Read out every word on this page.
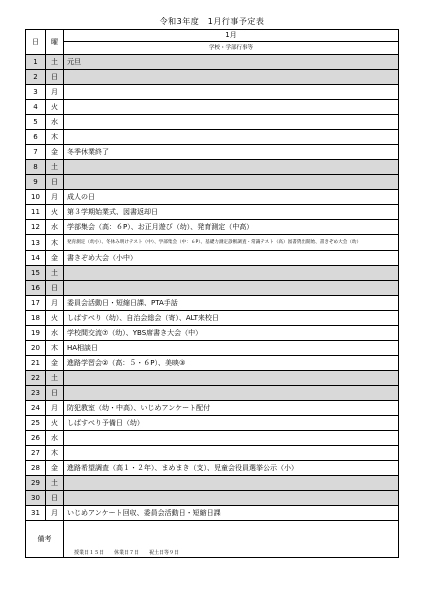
令和3年度　1月行事予定表
日	曜	1月
学校・学部行事等

1	土	元旦
2	日	
3	月	
4	火	
5	水	
6	木	
7	金	冬季休業終了
8	土	
9	日	
10	月	成人の日
11	火	第３学期始業式、図書返却日
12	水	学部集会（高：６P）、お正月遊び（幼）、発育測定（中高）
13	木	発育測定（幼小）、冬休み明けテスト（中）、学部集会（中：６P）、基礎力測定診断調査・常識テスト（高）図書貸出開始、書きぞめ大会（幼）
14	金	書きぞめ大会（小中）
15	土	
16	日	
17	月	委員会活動日・短縮日課、PTA手話
18	火	しばすべり（幼）、自治会総会（寄）、ALT来校日
19	水	学校間交流⑦（幼）、YBS席書き大会（中）
20	木	HA相談日
21	金	進路学習会②（高：５・６P）、美映③
22	土	
23	日	
24	月	防犯教室（幼・中高）、いじめアンケート配付
25	火	しばすべり予備日（幼）
26	水	
27	木	
28	金	進路希望調査（高１・２年）、まめまき（支）、児童会役員選挙公示（小）
29	土	
30	日	
31	月	いじめアンケート回収、委員会活動日・短縮日課
備考		
授業日１５日　　休業日７日　　祝土日等９日
